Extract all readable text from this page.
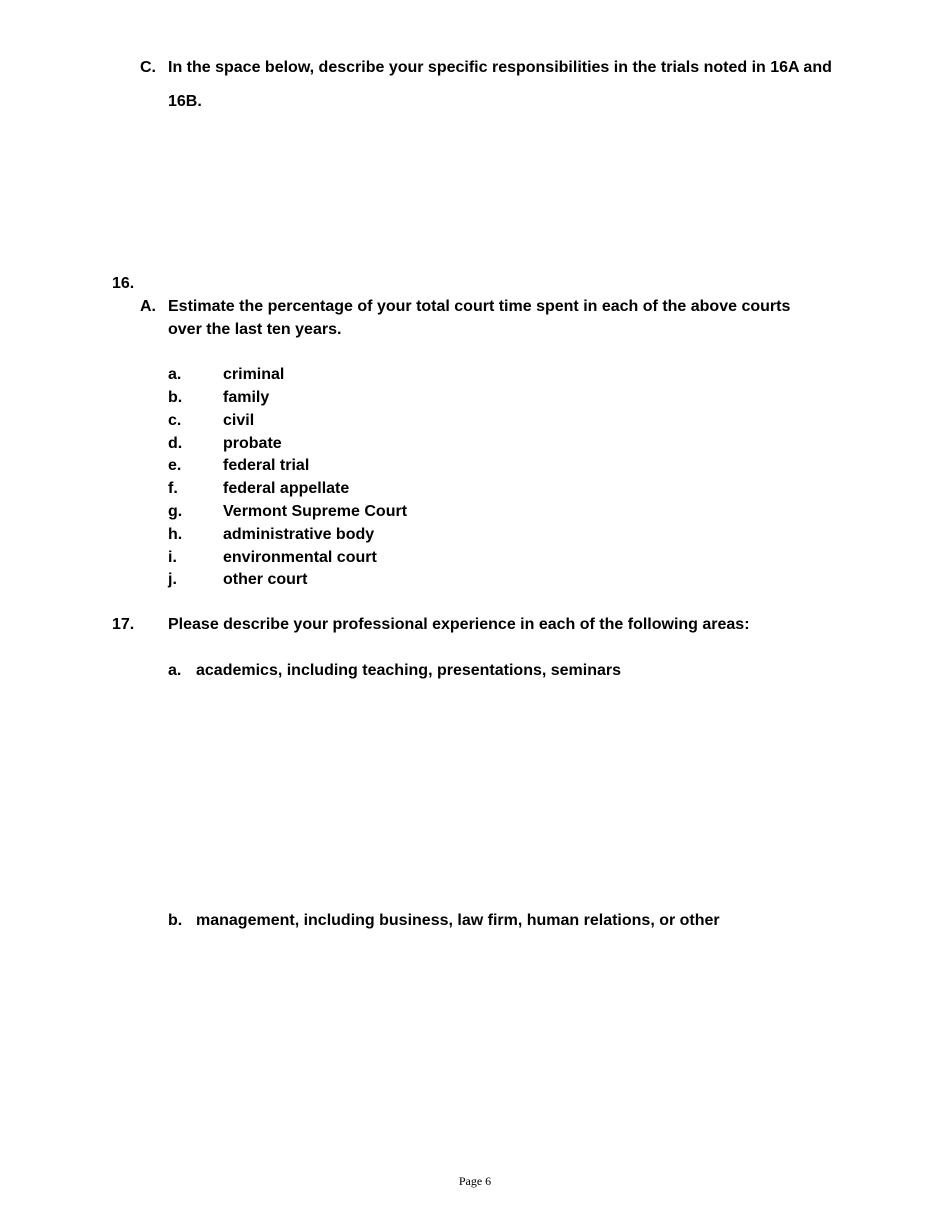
C. In the space below, describe your specific responsibilities in the trials noted in 16A and
16B.
16.
A. Estimate the percentage of your total court time spent in each of the above courts
over the last ten years.
a.	criminal
b.	family
c.	civil
d.	probate
e.	federal trial
f.	federal appellate
g.	Vermont Supreme Court
h.	administrative body
i.	environmental court
j.	other court
17. Please describe your professional experience in each of the following areas:
a. academics, including teaching, presentations, seminars
b. management, including business, law firm, human relations, or other
Page 6
